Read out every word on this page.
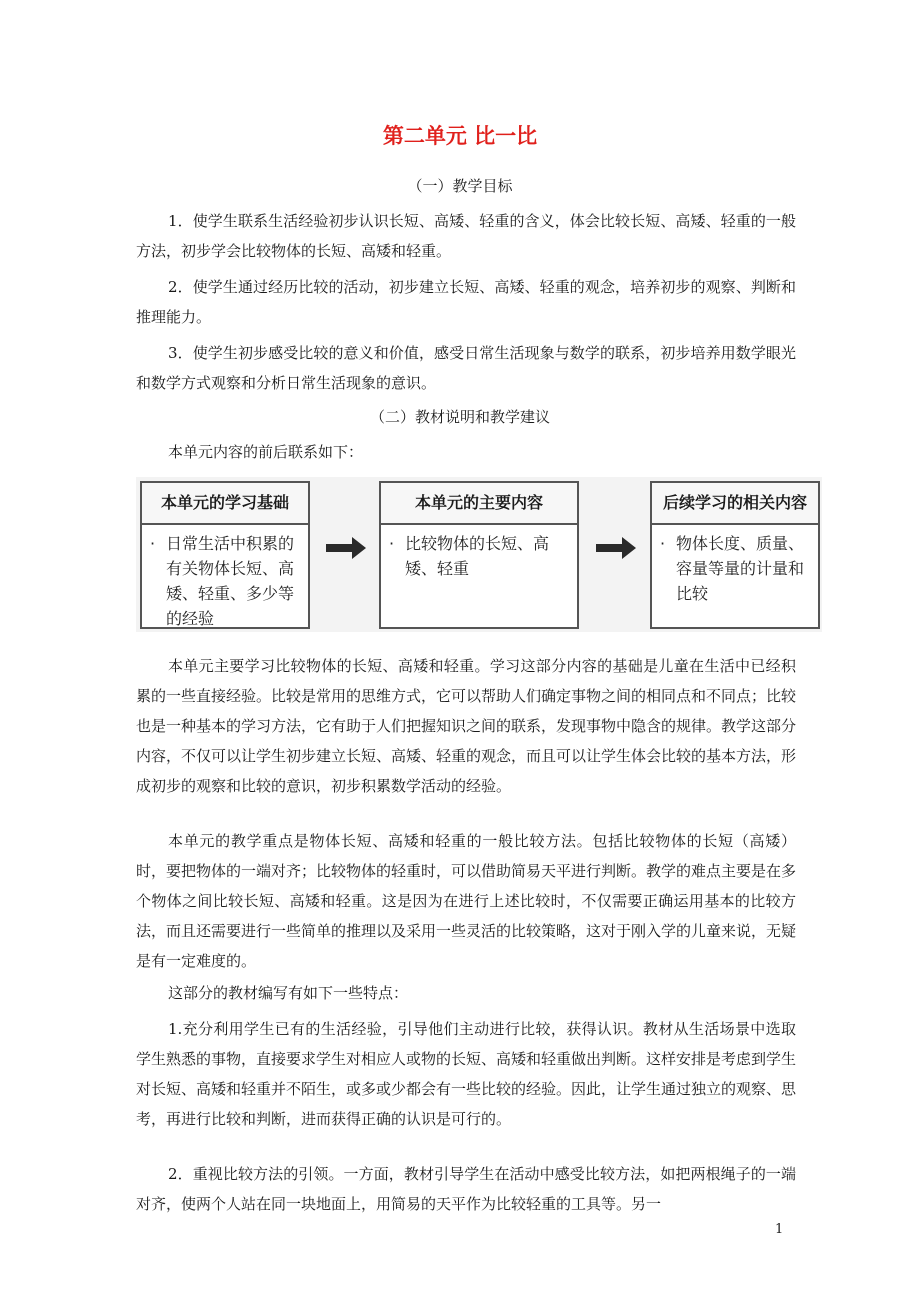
第二单元 比一比
（一）教学目标

1．使学生联系生活经验初步认识长短、高矮、轻重的含义，体会比较长短、高矮、轻重的一般方法，初步学会比较物体的长短、高矮和轻重。

2．使学生通过经历比较的活动，初步建立长短、高矮、轻重的观念，培养初步的观察、判断和推理能力。

3．使学生初步感受比较的意义和价值，感受日常生活现象与数学的联系，初步培养用数学眼光和数学方式观察和分析日常生活现象的意识。

（二）教材说明和教学建议

本单元内容的前后联系如下：

本单元的学习基础
· 日常生活中积累的有关物体长短、高矮、轻重、多少等的经验
本单元的主要内容
· 比较物体的长短、高矮、轻重
后续学习的相关内容
· 物体长度、质量、容量等量的计量和比较

本单元主要学习比较物体的长短、高矮和轻重。学习这部分内容的基础是儿童在生活中已经积累的一些直接经验。比较是常用的思维方式，它可以帮助人们确定事物之间的相同点和不同点；比较也是一种基本的学习方法，它有助于人们把握知识之间的联系，发现事物中隐含的规律。教学这部分内容，不仅可以让学生初步建立长短、高矮、轻重的观念，而且可以让学生体会比较的基本方法，形成初步的观察和比较的意识，初步积累数学活动的经验。

本单元的教学重点是物体长短、高矮和轻重的一般比较方法。包括比较物体的长短（高矮）时，要把物体的一端对齐；比较物体的轻重时，可以借助简易天平进行判断。教学的难点主要是在多个物体之间比较长短、高矮和轻重。这是因为在进行上述比较时，不仅需要正确运用基本的比较方法，而且还需要进行一些简单的推理以及采用一些灵活的比较策略，这对于刚入学的儿童来说，无疑是有一定难度的。

这部分的教材编写有如下一些特点：

1.充分利用学生已有的生活经验，引导他们主动进行比较，获得认识。教材从生活场景中选取学生熟悉的事物，直接要求学生对相应人或物的长短、高矮和轻重做出判断。这样安排是考虑到学生对长短、高矮和轻重并不陌生，或多或少都会有一些比较的经验。因此，让学生通过独立的观察、思考，再进行比较和判断，进而获得正确的认识是可行的。

2．重视比较方法的引领。一方面，教材引导学生在活动中感受比较方法，如把两根绳子的一端对齐，使两个人站在同一块地面上，用简易的天平作为比较轻重的工具等。另一

1
